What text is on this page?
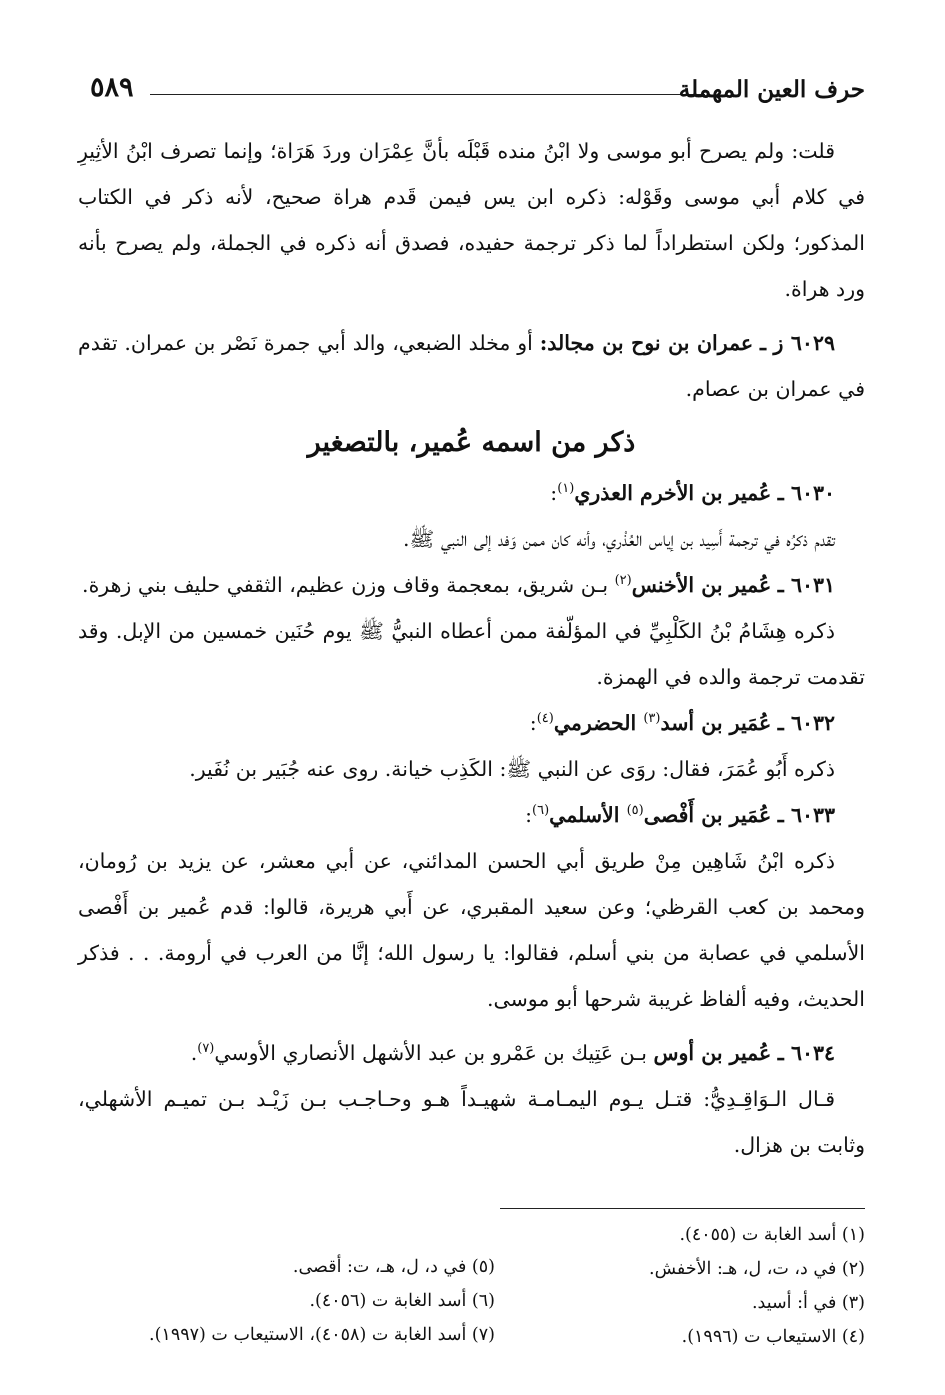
٥٨٩	حرف العين المهملة

قلت: ولم يصرح أبو موسى ولا ابْنُ منده قَبْلَه بأنَّ عِمْرَان وردَ هَرَاة؛ وإنما تصرف ابْنُ الأثِيرِ في كلام أبي موسى وقَوْله: ذكره ابن يس فيمن قَدم هراة صحيح، لأنه ذكر في الكتاب المذكور؛ ولكن استطراداً لما ذكر ترجمة حفيده، فصدق أنه ذكره في الجملة، ولم يصرح بأنه ورد هراة.

٦٠٢٩ ز ـ عمران بن نوح بن مجالد: أو مخلد الضبعي، والد أبي جمرة نَصْر بن عمران. تقدم في عمران بن عصام.

ذكر من اسمه عُمير، بالتصغير

٦٠٣٠ ـ عُمير بن الأخرم العذري$^{(١)}$:

تقدم ذكرُه في ترجمة أَسِيد بن إياس العُذْري، وأنه كان ممن وَفد إلى النبي ﷺ.

٦٠٣١ ـ عُمير بن الأخنس$^{(٢)}$ بـن شريق، بمعجمة وقاف وزن عظيم، الثقفي حليف بني زهرة.

ذكره هِشَامُ بْنُ الكَلْبِيِّ في المؤلّفة ممن أعطاه النبيُّ ﷺ يوم حُنَين خمسين من الإبل. وقد تقدمت ترجمة والده في الهمزة.

٦٠٣٢ ـ عُمَير بن أسد$^{(٣)}$ الحضرمي$^{(٤)}$:

ذكره أَبُو عُمَرَ، فقال: روَى عن النبي ﷺ: الكَذِب خيانة. روى عنه جُبَير بن نُفَير.

٦٠٣٣ ـ عُمَير بن أَفْصى$^{(٥)}$ الأسلمي$^{(٦)}$:

ذكره ابْنُ شَاهِين مِنْ طريق أبي الحسن المدائني، عن أبي معشر، عن يزيد بن رُومان، ومحمد بن كعب القرظي؛ وعن سعيد المقبري، عن أَبي هريرة، قالوا: قدم عُمير بن أَفْصى الأسلمي في عصابة من بني أسلم، فقالوا: يا رسول الله؛ إنَّا من العرب في أرومة. . . فذكر الحديث، وفيه ألفاظ غريبة شرحها أبو موسى.

٦٠٣٤ ـ عُمير بن أوس بـن عَتِيك بن عَمْرو بن عبد الأشهل الأنصاري الأوسي$^{(٧)}$.

قـال الـوَاقِـدِيُّ: قتـل يـوم اليمـامـة شهيـداً هـو وحـاجـب بـن زَيْـد بـن تميـم الأشهلي، وثابت بن هزال.

(١) أسد الغابة ت (٤٠٥٥).
(٢) في د، ت، ل، هـ: الأخفش.
(٣) في أ: أسيد.
(٤) الاستيعاب ت (١٩٩٦).
(٥) في د، ل، هـ، ت: أقصى.
(٦) أسد الغابة ت (٤٠٥٦).
(٧) أسد الغابة ت (٤٠٥٨)، الاستيعاب ت (١٩٩٧).
